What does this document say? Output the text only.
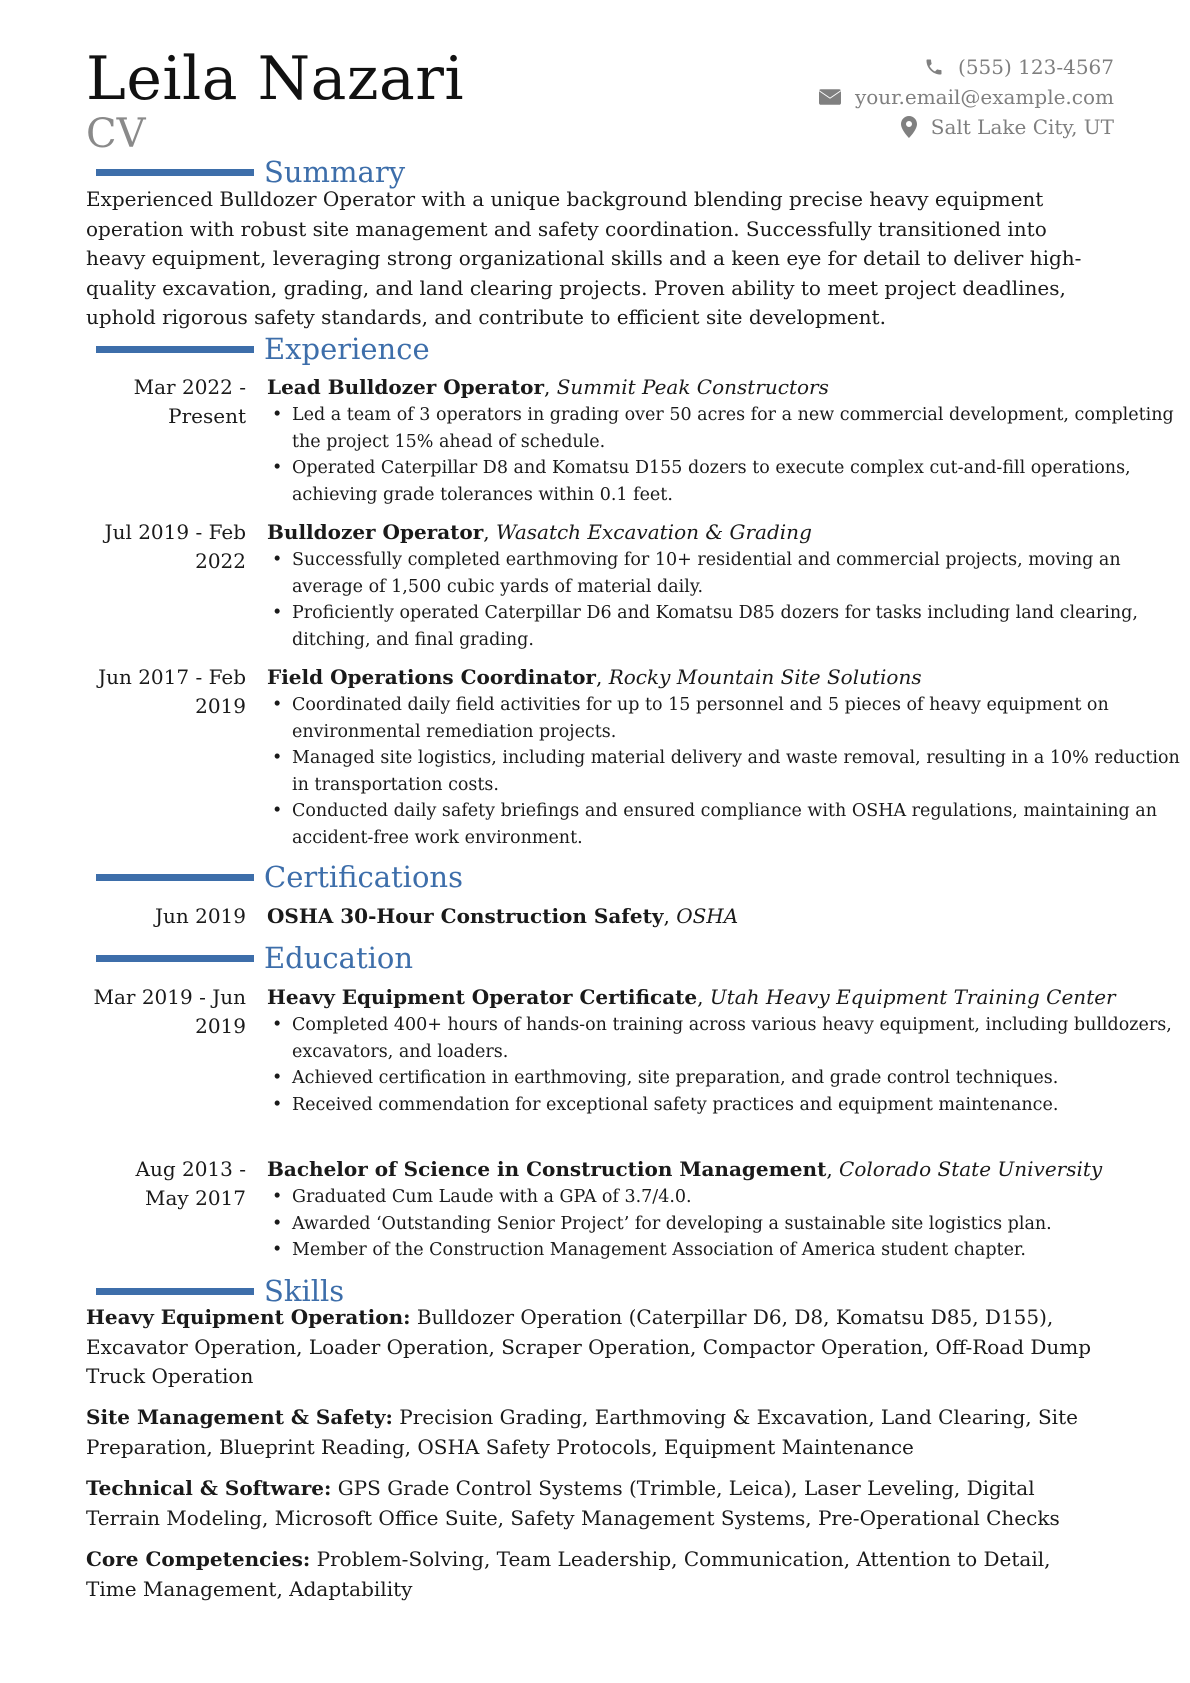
Leila Nazari
CV
(555) 123-4567
your.email@example.com
Salt Lake City, UT
Summary
Experienced Bulldozer Operator with a unique background blending precise heavy equipment operation with robust site management and safety coordination. Successfully transitioned into heavy equipment, leveraging strong organizational skills and a keen eye for detail to deliver high-quality excavation, grading, and land clearing projects. Proven ability to meet project deadlines, uphold rigorous safety standards, and contribute to efficient site development.
Experience
Mar 2022 - Present
Lead Bulldozer Operator, Summit Peak Constructors
• Led a team of 3 operators in grading over 50 acres for a new commercial development, completing the project 15% ahead of schedule.
• Operated Caterpillar D8 and Komatsu D155 dozers to execute complex cut-and-fill operations, achieving grade tolerances within 0.1 feet.
Jul 2019 - Feb 2022
Bulldozer Operator, Wasatch Excavation & Grading
• Successfully completed earthmoving for 10+ residential and commercial projects, moving an average of 1,500 cubic yards of material daily.
• Proficiently operated Caterpillar D6 and Komatsu D85 dozers for tasks including land clearing, ditching, and final grading.
Jun 2017 - Feb 2019
Field Operations Coordinator, Rocky Mountain Site Solutions
• Coordinated daily field activities for up to 15 personnel and 5 pieces of heavy equipment on environmental remediation projects.
• Managed site logistics, including material delivery and waste removal, resulting in a 10% reduction in transportation costs.
• Conducted daily safety briefings and ensured compliance with OSHA regulations, maintaining an accident-free work environment.
Certifications
Jun 2019 OSHA 30-Hour Construction Safety, OSHA
Education
Mar 2019 - Jun 2019
Heavy Equipment Operator Certificate, Utah Heavy Equipment Training Center
• Completed 400+ hours of hands-on training across various heavy equipment, including bulldozers, excavators, and loaders.
• Achieved certification in earthmoving, site preparation, and grade control techniques.
• Received commendation for exceptional safety practices and equipment maintenance.
Aug 2013 - May 2017
Bachelor of Science in Construction Management, Colorado State University
• Graduated Cum Laude with a GPA of 3.7/4.0.
• Awarded ‘Outstanding Senior Project’ for developing a sustainable site logistics plan.
• Member of the Construction Management Association of America student chapter.
Skills
Heavy Equipment Operation: Bulldozer Operation (Caterpillar D6, D8, Komatsu D85, D155), Excavator Operation, Loader Operation, Scraper Operation, Compactor Operation, Off-Road Dump Truck Operation
Site Management & Safety: Precision Grading, Earthmoving & Excavation, Land Clearing, Site Preparation, Blueprint Reading, OSHA Safety Protocols, Equipment Maintenance
Technical & Software: GPS Grade Control Systems (Trimble, Leica), Laser Leveling, Digital Terrain Modeling, Microsoft Office Suite, Safety Management Systems, Pre-Operational Checks
Core Competencies: Problem-Solving, Team Leadership, Communication, Attention to Detail, Time Management, Adaptability
